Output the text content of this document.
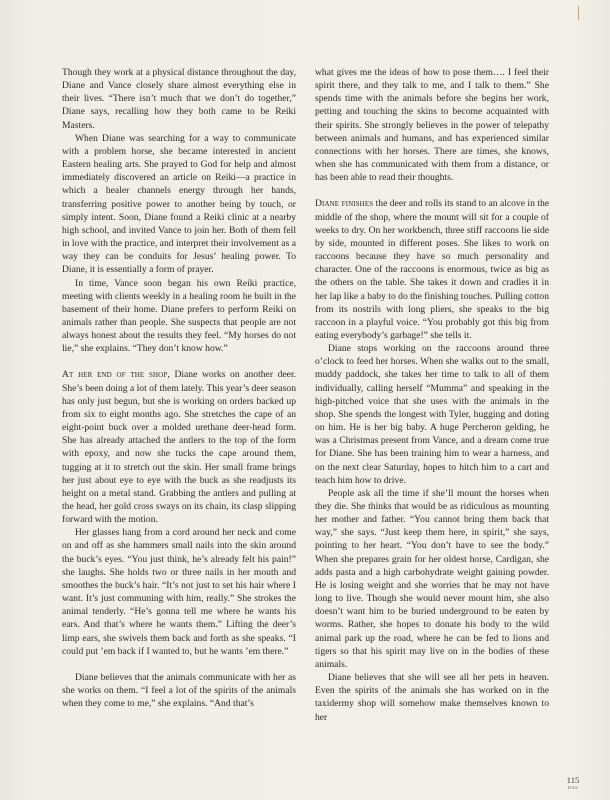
Though they work at a physical distance throughout the day, Diane and Vance closely share almost everything else in their lives. “There isn’t much that we don’t do together,” Diane says, recalling how they both came to be Reiki Masters.

When Diane was searching for a way to communicate with a problem horse, she became interested in ancient Eastern healing arts. She prayed to God for help and almost immediately discovered an article on Reiki—a practice in which a healer channels energy through her hands, transferring positive power to another being by touch, or simply intent. Soon, Diane found a Reiki clinic at a nearby high school, and invited Vance to join her. Both of them fell in love with the practice, and interpret their involvement as a way they can be conduits for Jesus’ healing power. To Diane, it is essentially a form of prayer.

In time, Vance soon began his own Reiki practice, meeting with clients weekly in a healing room he built in the basement of their home. Diane prefers to perform Reiki on animals rather than people. She suspects that people are not always honest about the results they feel. “My horses do not lie,” she explains. “They don’t know how.”

At her end of the shop, Diane works on another deer. She’s been doing a lot of them lately. This year’s deer season has only just begun, but she is working on orders backed up from six to eight months ago. She stretches the cape of an eight-point buck over a molded urethane deer-head form. She has already attached the antlers to the top of the form with epoxy, and now she tucks the cape around them, tugging at it to stretch out the skin. Her small frame brings her just about eye to eye with the buck as she readjusts its height on a metal stand. Grabbing the antlers and pulling at the head, her gold cross sways on its chain, its clasp slipping forward with the motion.

Her glasses hang from a cord around her neck and come on and off as she hammers small nails into the skin around the buck’s eyes. “You just think, he’s already felt his pain!” she laughs. She holds two or three nails in her mouth and smoothes the buck’s hair. “It’s not just to set his hair where I want. It’s just communing with him, really.” She strokes the animal tenderly. “He’s gonna tell me where he wants his ears. And that’s where he wants them.” Lifting the deer’s limp ears, she swivels them back and forth as she speaks. “I could put ’em back if I wanted to, but he wants ’em there.”

Diane believes that the animals communicate with her as she works on them. “I feel a lot of the spirits of the animals when they come to me,” she explains. “And that’s

what gives me the ideas of how to pose them…. I feel their spirit there, and they talk to me, and I talk to them.” She spends time with the animals before she begins her work, petting and touching the skins to become acquainted with their spirits. She strongly believes in the power of telepathy between animals and humans, and has experienced similar connections with her horses. There are times, she knows, when she has communicated with them from a distance, or has been able to read their thoughts.

Diane finishes the deer and rolls its stand to an alcove in the middle of the shop, where the mount will sit for a couple of weeks to dry. On her workbench, three stiff raccoons lie side by side, mounted in different poses. She likes to work on raccoons because they have so much personality and character. One of the raccoons is enormous, twice as big as the others on the table. She takes it down and cradles it in her lap like a baby to do the finishing touches. Pulling cotton from its nostrils with long pliers, she speaks to the big raccoon in a playful voice. “You probably got this big from eating everybody’s garbage!” she tells it.

Diane stops working on the raccoons around three o’clock to feed her horses. When she walks out to the small, muddy paddock, she takes her time to talk to all of them individually, calling herself “Mumma” and speaking in the high-pitched voice that she uses with the animals in the shop. She spends the longest with Tyler, hugging and doting on him. He is her big baby. A huge Percheron gelding, he was a Christmas present from Vance, and a dream come true for Diane. She has been training him to wear a harness, and on the next clear Saturday, hopes to hitch him to a cart and teach him how to drive.

People ask all the time if she’ll mount the horses when they die. She thinks that would be as ridiculous as mounting her mother and father. “You cannot bring them back that way,” she says. “Just keep them here, in spirit,” she says, pointing to her heart. “You don’t have to see the body.” When she prepares grain for her oldest horse, Cardigan, she adds pasta and a high carbohydrate weight gaining powder. He is losing weight and she worries that he may not have long to live. Though she would never mount him, she also doesn’t want him to be buried underground to be eaten by worms. Rather, she hopes to donate his body to the wild animal park up the road, where he can be fed to lions and tigers so that his spirit may live on in the bodies of these animals.

Diane believes that she will see all her pets in heaven. Even the spirits of the animals she has worked on in the taxidermy shop will somehow make themselves known to her

115
DAS
